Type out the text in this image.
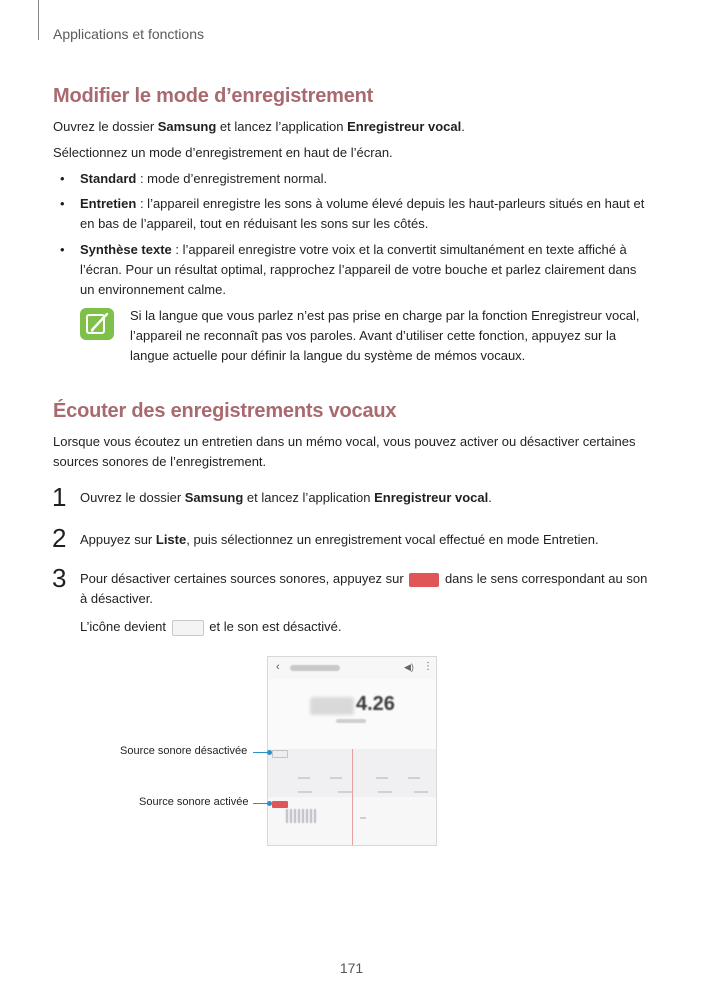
Applications et fonctions
Modifier le mode d’enregistrement

Ouvrez le dossier Samsung et lancez l’application Enregistreur vocal.

Sélectionnez un mode d’enregistrement en haut de l’écran.

• Standard : mode d’enregistrement normal.
• Entretien : l’appareil enregistre les sons à volume élevé depuis les haut-parleurs situés en haut et en bas de l’appareil, tout en réduisant les sons sur les côtés.
• Synthèse texte : l’appareil enregistre votre voix et la convertit simultanément en texte affiché à l’écran. Pour un résultat optimal, rapprochez l’appareil de votre bouche et parlez clairement dans un environnement calme.

Si la langue que vous parlez n’est pas prise en charge par la fonction Enregistreur vocal, l’appareil ne reconnaît pas vos paroles. Avant d’utiliser cette fonction, appuyez sur la langue actuelle pour définir la langue du système de mémos vocaux.

Écouter des enregistrements vocaux

Lorsque vous écoutez un entretien dans un mémo vocal, vous pouvez activer ou désactiver certaines sources sonores de l’enregistrement.

1 Ouvrez le dossier Samsung et lancez l’application Enregistreur vocal.

2 Appuyez sur Liste, puis sélectionnez un enregistrement vocal effectué en mode Entretien.

3 Pour désactiver certaines sources sonores, appuyez sur	dans le sens correspondant au son à désactiver.

L’icône devient	et le son est désactivé.

‹	◀) ⋮
4.26
Source sonore désactivée
Source sonore activée
171
